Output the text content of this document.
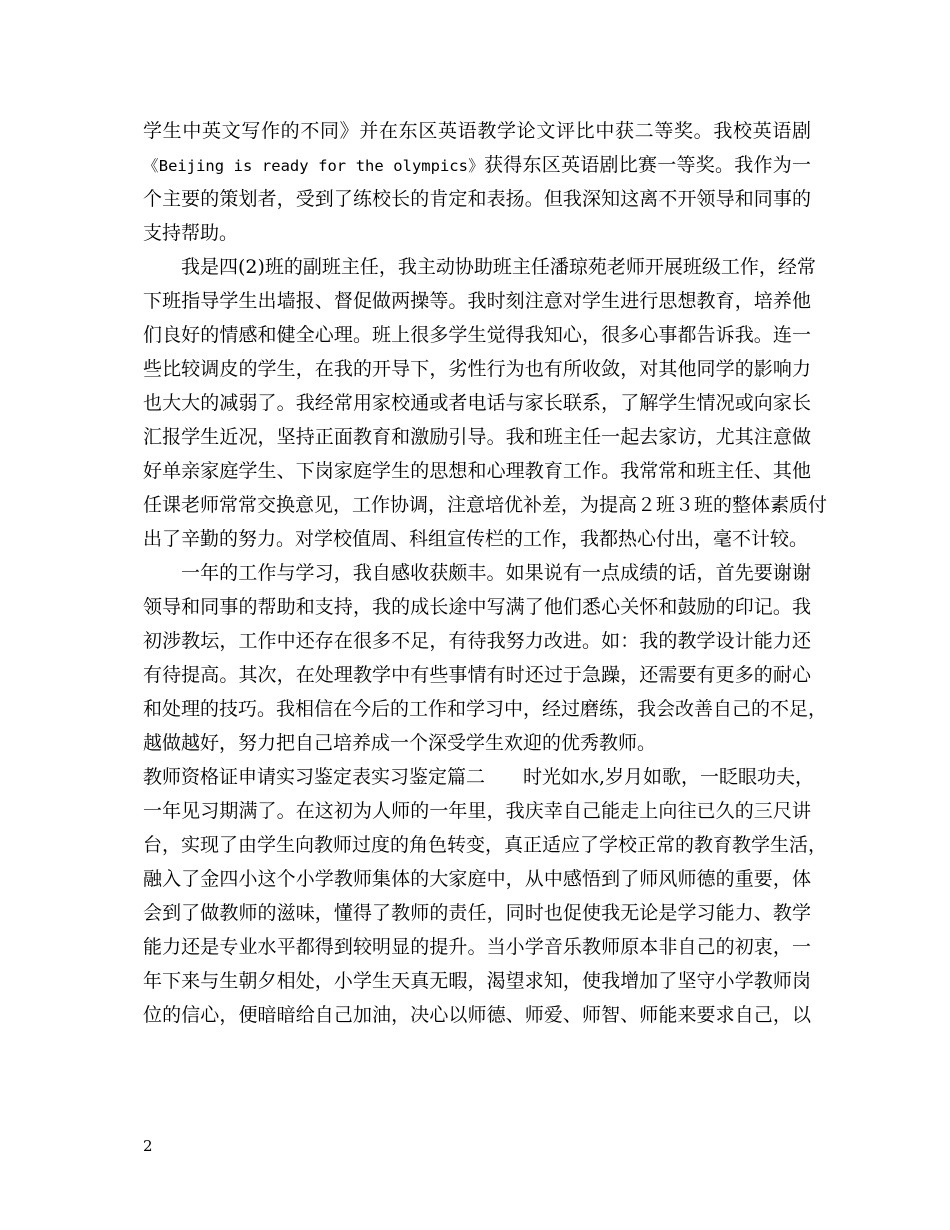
学生中英文写作的不同》并在东区英语教学论文评比中获二等奖。我校英语剧
《Beijing is ready for the olympics》获得东区英语剧比赛一等奖。我作为一
个主要的策划者，受到了练校长的肯定和表扬。但我深知这离不开领导和同事的
支持帮助。
我是四(2)班的副班主任，我主动协助班主任潘琼苑老师开展班级工作，经常
下班指导学生出墙报、督促做两操等。我时刻注意对学生进行思想教育，培养他
们良好的情感和健全心理。班上很多学生觉得我知心，很多心事都告诉我。连一
些比较调皮的学生，在我的开导下，劣性行为也有所收敛，对其他同学的影响力
也大大的减弱了。我经常用家校通或者电话与家长联系，了解学生情况或向家长
汇报学生近况，坚持正面教育和激励引导。我和班主任一起去家访，尤其注意做
好单亲家庭学生、下岗家庭学生的思想和心理教育工作。我常常和班主任、其他
任课老师常常交换意见，工作协调，注意培优补差，为提高２班３班的整体素质付
出了辛勤的努力。对学校值周、科组宣传栏的工作，我都热心付出，毫不计较。
一年的工作与学习，我自感收获颇丰。如果说有一点成绩的话，首先要谢谢
领导和同事的帮助和支持，我的成长途中写满了他们悉心关怀和鼓励的印记。我
初涉教坛，工作中还存在很多不足，有待我努力改进。如：我的教学设计能力还
有待提高。其次，在处理教学中有些事情有时还过于急躁，还需要有更多的耐心
和处理的技巧。我相信在今后的工作和学习中，经过磨练，我会改善自己的不足，
越做越好，努力把自己培养成一个深受学生欢迎的优秀教师。
教师资格证申请实习鉴定表实习鉴定篇二　　时光如水,岁月如歌，一眨眼功夫，
一年见习期满了。在这初为人师的一年里，我庆幸自己能走上向往已久的三尺讲
台，实现了由学生向教师过度的角色转变，真正适应了学校正常的教育教学生活，
融入了金四小这个小学教师集体的大家庭中，从中感悟到了师风师德的重要，体
会到了做教师的滋味，懂得了教师的责任，同时也促使我无论是学习能力、教学
能力还是专业水平都得到较明显的提升。当小学音乐教师原本非自己的初衷，一
年下来与生朝夕相处，小学生天真无暇，渴望求知，使我增加了坚守小学教师岗
位的信心，便暗暗给自己加油，决心以师德、师爱、师智、师能来要求自己，以
2
